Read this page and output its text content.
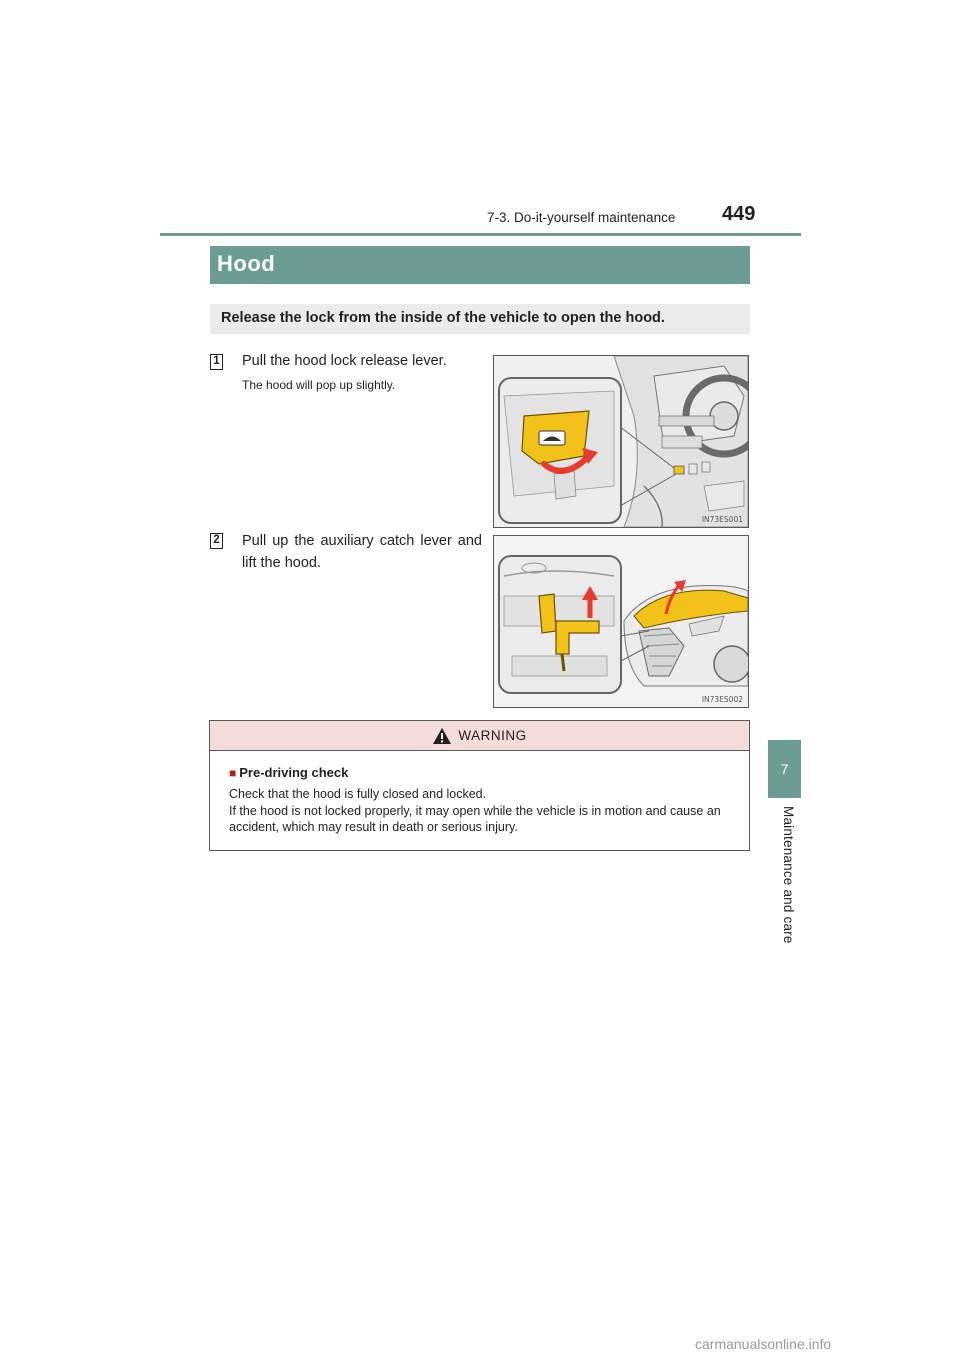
7-3. Do-it-yourself maintenance 449
7
Maintenance and care
Hood
Release the lock from the inside of the vehicle to open the hood.
1 Pull the hood lock release lever.
The hood will pop up slightly.
IN73ES001
2 Pull up the auxiliary catch lever and lift the hood.
IN73ES002
WARNING
■ Pre-driving check
Check that the hood is fully closed and locked.
If the hood is not locked properly, it may open while the vehicle is in motion and cause an accident, which may result in death or serious injury.
carmanualsonline.info
